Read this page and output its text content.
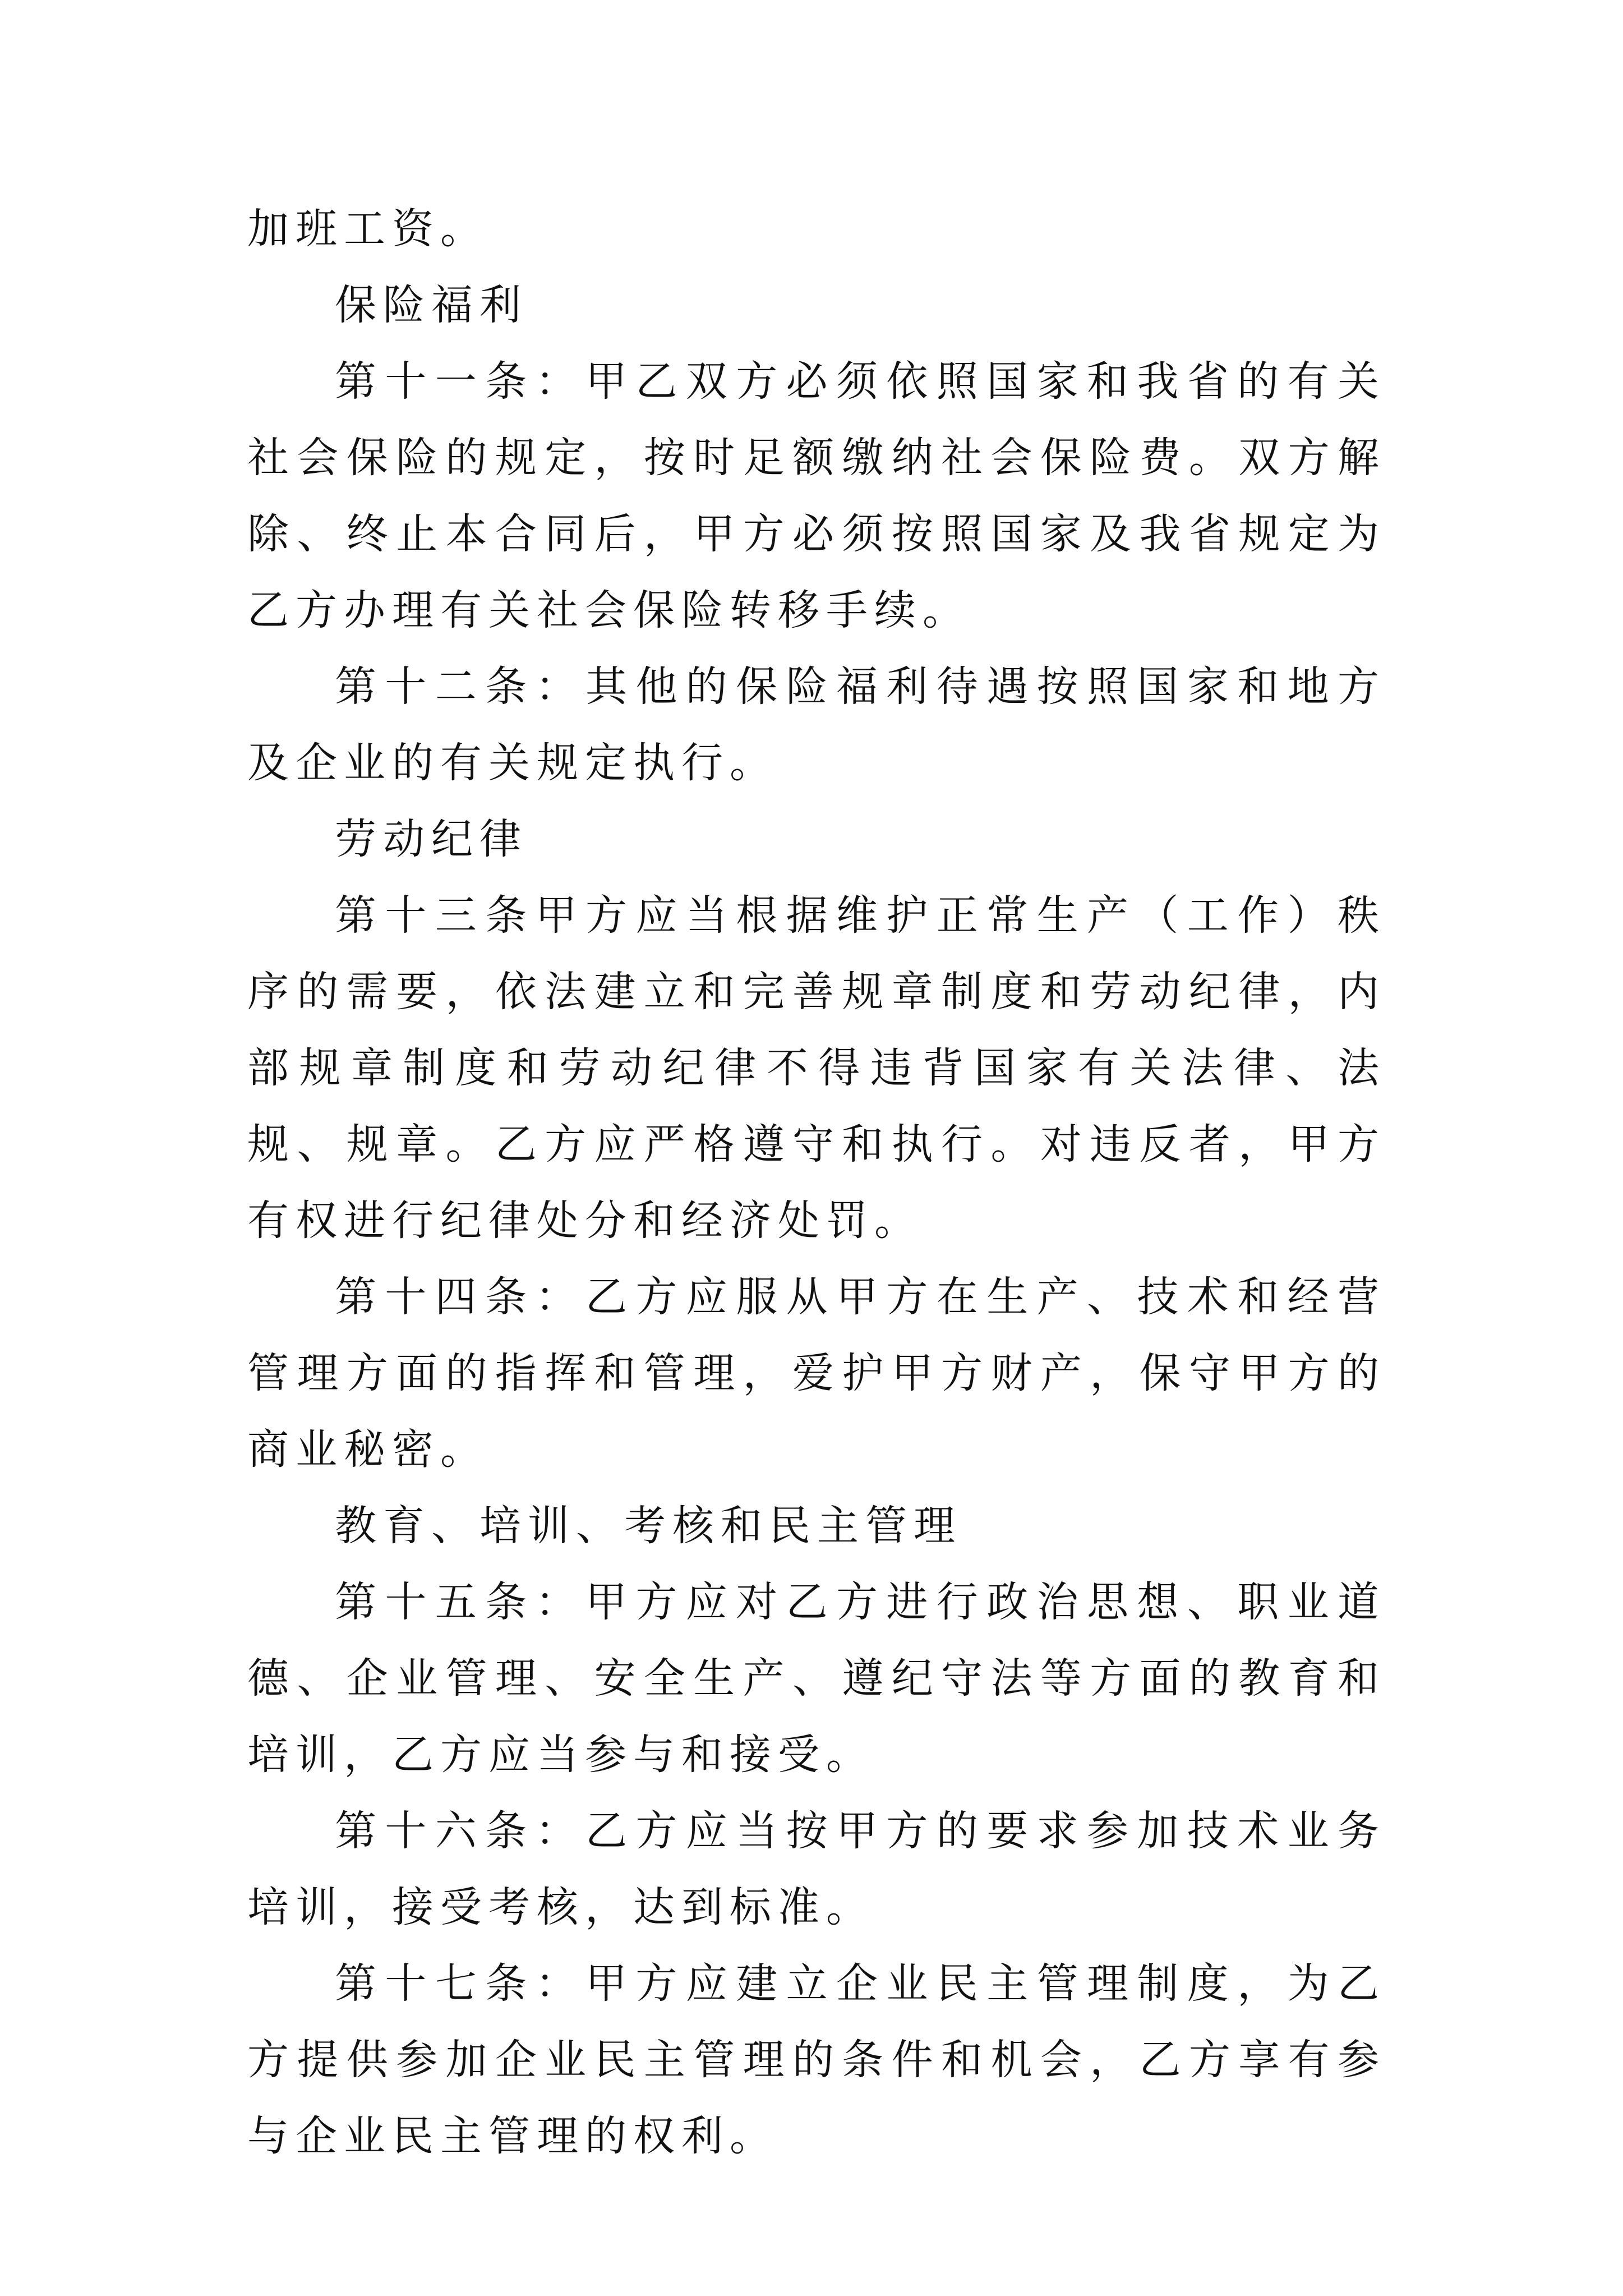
加班工资。

保险福利

第十一条：甲乙双方必须依照国家和我省的有关社会保险的规定，按时足额缴纳社会保险费。双方解除、终止本合同后，甲方必须按照国家及我省规定为乙方办理有关社会保险转移手续。

第十二条：其他的保险福利待遇按照国家和地方及企业的有关规定执行。

劳动纪律

第十三条甲方应当根据维护正常生产（工作）秩序的需要，依法建立和完善规章制度和劳动纪律，内部规章制度和劳动纪律不得违背国家有关法律、法规、规章。乙方应严格遵守和执行。对违反者，甲方有权进行纪律处分和经济处罚。

第十四条：乙方应服从甲方在生产、技术和经营管理方面的指挥和管理，爱护甲方财产，保守甲方的商业秘密。

教育、培训、考核和民主管理

第十五条：甲方应对乙方进行政治思想、职业道德、企业管理、安全生产、遵纪守法等方面的教育和培训，乙方应当参与和接受。

第十六条：乙方应当按甲方的要求参加技术业务培训，接受考核，达到标准。

第十七条：甲方应建立企业民主管理制度，为乙方提供参加企业民主管理的条件和机会，乙方享有参与企业民主管理的权利。
